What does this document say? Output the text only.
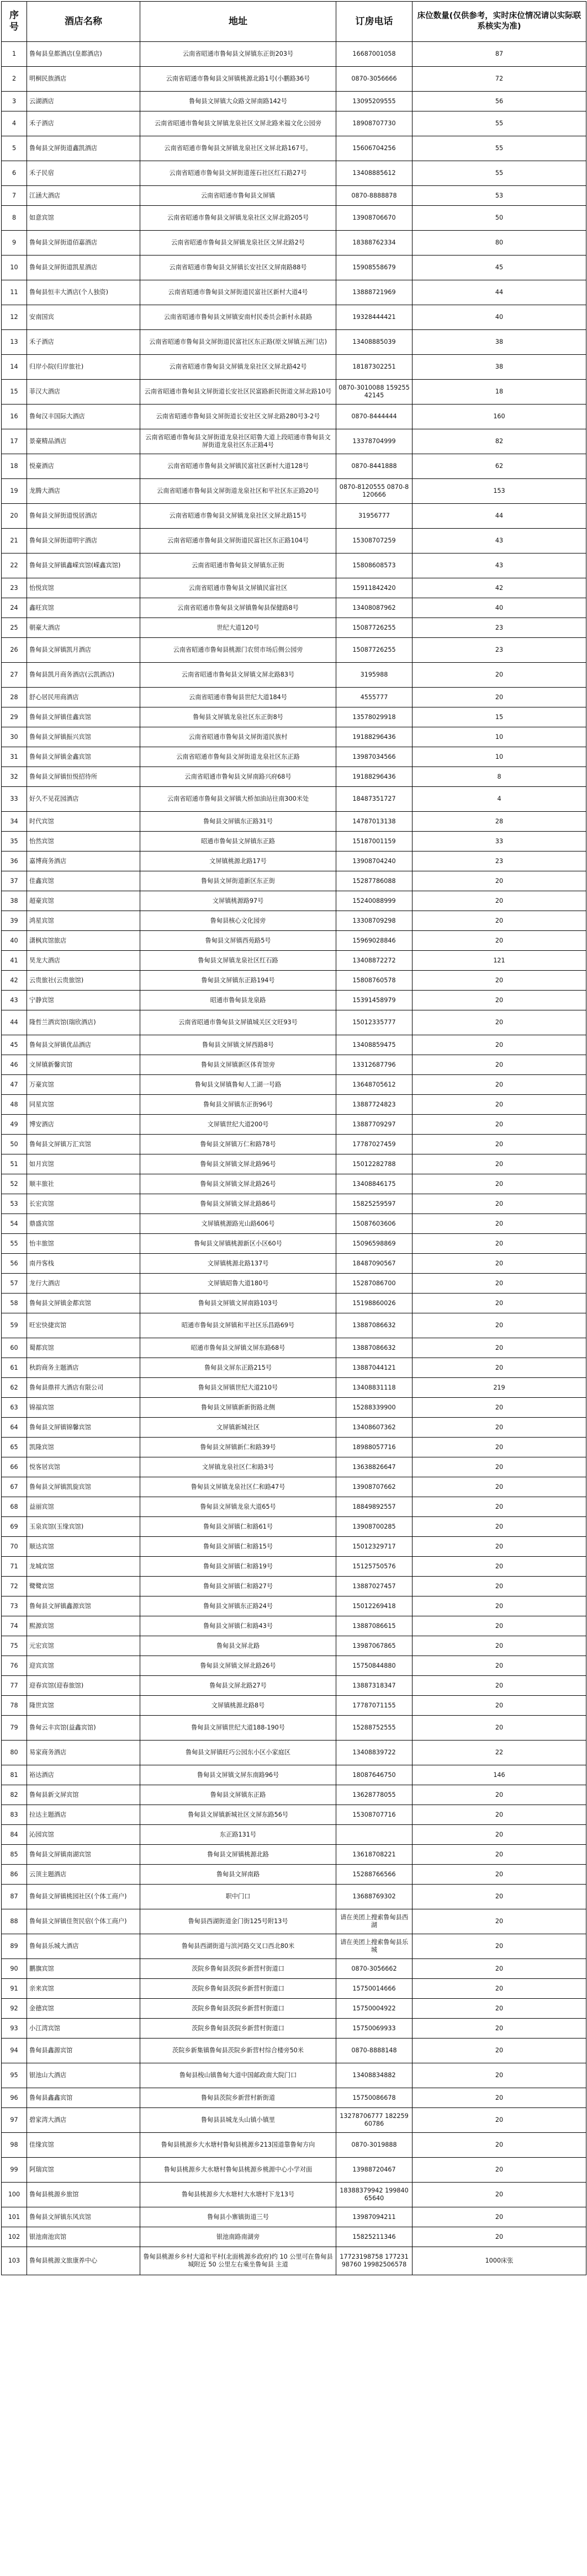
序号	酒店名称	地址	订房电话	床位数量(仅供参考，实时床位情况请以实际联系核实为准)
1	鲁甸县皇都酒店(皇都酒店)	云南省昭通市鲁甸县文屏镇东正街203号	16687001058	87
2	明桐民族酒店	云南省昭通市鲁甸县文屏镇桃源北路1号(小鹏路36号	0870-3056666	72
3	云湖酒店	鲁甸县文屏镇大众路文屏南路142号	13095209555	56
4	禾子酒店	云南省昭通市鲁甸县文屏镇龙泉社区文屏北路来福文化公园旁	18908707730	55
5	鲁甸县文屏街道鑫凯酒店	云南省昭通市鲁甸县文屏镇龙泉社区文屏北路167号。	15606704256	55
6	禾子民宿	云南省昭通市鲁甸县文屏街道莲石社区红石路27号	13408885612	55
7	江涵大酒店	云南省昭通市鲁甸县文屏镇	0870-8888878	53
8	如意宾馆	云南省昭通市鲁甸县文屏镇龙泉社区文屏北路205号	13908706670	50
9	鲁甸县文屏街道佰嘉酒店	云南省昭通市鲁甸县文屏镇龙泉社区文屏北路2号	18388762334	80
10	鲁甸县文屏街道凯星酒店	云南省昭通市鲁甸县文屏镇长安社区文屏南路88号	15908558679	45
11	鲁甸县恒丰大酒店(个人独资)	云南省昭通市鲁甸县文屏街道民富社区新村大道4号	13888721969	44
12	安南国宾	云南省昭通市鲁甸县文屏镇安南村民委员会新村永晨路	19328444421	40
13	禾子酒店	云南省昭通市鲁甸县文屏街道民富社区东正路(原文屏镇五洲门店)	13408885039	38
14	归岸小院(归岸旅社)	云南省昭通市鲁甸县文屏镇龙泉社区文屏北路42号	18187302251	38
15	菲汉大酒店	云南省昭通市鲁甸县文屏街道长安社区民富路新民街道文屏北路10号	0870-3010088 15925542145	18
16	鲁甸汉丰国际大酒店	云南省昭通市鲁甸县文屏街道长安社区文屏北路280号3-2号	0870-8444444	160
17	景豪精品酒店	云南省昭通市鲁甸县文屏街道龙泉社区昭鲁大道上段昭通市鲁甸县文屏街道龙泉社区东正路4号	13378704999	82
18	悦豪酒店	云南省昭通市鲁甸县文屏镇民富社区新村大道128号	0870-8441888	62
19	龙腾大酒店	云南省昭通市鲁甸县文屏街道龙泉社区和平社区东正路20号	0870-8120555 0870-8120666	153
20	鲁甸县文屏街道悦居酒店	云南省昭通市鲁甸县文屏镇龙泉社区文屏北路15号	31956777	44
21	鲁甸县文屏街道明宇酒店	云南省昭通市鲁甸县文屏街道民富社区东正路104号	15308707259	43
22	鲁甸县文屏镇鑫嵘宾馆(嵘鑫宾馆)	云南省昭通市鲁甸县文屏镇东正街	15808608573	43
23	怡悦宾馆	云南省昭通市鲁甸县文屏镇民富社区	15911842420	42
24	鑫旺宾馆	云南省昭通市鲁甸县文屏镇鲁甸县保健路8号	13408087962	40
25	朝豪大酒店	世纪大道120号	15087726255	23
26	鲁甸县文屏镇凯月酒店	云南省昭通市鲁甸县桃源门农贸市场后侧公园旁	15087726255	23
27	鲁甸县凯月商务酒店(云凯酒店)	云南省昭通市鲁甸县文屏镇文屏北路83号	3195988	20
28	舒心居民用商酒店	云南省昭通市鲁甸县世纪大道184号	4555777	20
29	鲁甸县文屏镇佳鑫宾馆	鲁甸县文屏镇龙泉社区东正街8号	13578029918	15
30	鲁甸县文屏镇振兴宾馆	云南省昭通市鲁甸县文屏街道民族村	19188296436	10
31	鲁甸县文屏镇金鑫宾馆	云南省昭通市鲁甸县文屏街道龙泉社区东正路	13987034566	10
32	鲁甸县文屏镇恒悦招待所	云南省昭通市鲁甸县文屏南路兴府68号	19188296436	8
33	好久不见花园酒店	云南省昭通市鲁甸县文屏镇大桥加油站往南300米处	18487351727	4
34	时代宾馆	鲁甸县文屏镇东正路31号	14787013138	28
35	怡然宾馆	昭通市鲁甸县文屏镇东正路	15187001159	33
36	嘉博商务酒店	文屏镇桃源北路17号	13908704240	23
37	佳鑫宾馆	鲁甸县文屏街道新区东正街	15287786088	20
38	超豪宾馆	文屏镇桃源路97号	15240088999	20
39	鸿星宾馆	鲁甸县核心文化园旁	13308709298	20
40	潇枫宾馆旅店	鲁甸县文屏镇西苑路5号	15969028846	20
41	昊龙大酒店	鲁甸县文屏镇龙泉社区红石路	13408872272	121
42	云贵旅社(云贵旅馆)	鲁甸县文屏镇东正路194号	15808760578	20
43	宁静宾馆	昭通市鲁甸县龙泉路	15391458979	20
44	隆哲兰洒宾馆(瑞欣酒店)	云南省昭通市鲁甸县文屏镇城关区文旺93号	15012335777	20
45	鲁甸县文屏镇优品酒店	鲁甸县文屏镇文屏西路8号	13408859475	20
46	文屏镇新馨宾馆	鲁甸县文屏镇新区体育馆旁	13312687796	20
47	万豪宾馆	鲁甸县文屏镇鲁甸人工湖一号路	13648705612	20
48	同星宾馆	鲁甸县文屏镇东正街96号	13887724823	20
49	博安酒店	文屏镇世纪大道200号	13887709297	20
50	鲁甸县文屏镇万汇宾馆	鲁甸县文屏镇万仁和路78号	17787027459	20
51	如月宾馆	鲁甸县文屏镇文屏北路96号	15012282788	20
52	顺丰旅社	鲁甸县文屏镇文屏北路26号	13408846175	20
53	长宏宾馆	鲁甸县文屏镇文屏北路86号	15825259597	20
54	鼎盛宾馆	文屏镇桃源路光山路606号	15087603606	20
55	怡丰旅馆	鲁甸县文屏镇桃源新区小区60号	15096598869	20
56	南丹客栈	文屏镇桃源北路137号	18487090567	20
57	龙行大酒店	文屏镇昭鲁大道180号	15287086700	20
58	鲁甸县文屏镇金都宾馆	鲁甸县文屏镇文屏南路103号	15198860026	20
59	旺宏快捷宾馆	昭通市鲁甸县文屏镇和平社区乐昌路69号	13887086632	20
60	蜀都宾馆	昭通市鲁甸县文屏镇文屏东路68号	13887086632	20
61	秋韵商务主题酒店	鲁甸县文屏东正路215号	13887044121	20
62	鲁甸县鼎祥大酒店有限公司	鲁甸县文屏镇世纪大道210号	13408831118	219
63	锦福宾馆	鲁甸县文屏镇新新街路北侧	15288339900	20
64	鲁甸县文屏镇锦馨宾馆	文屏镇新城社区	13408607362	20
65	凯隆宾馆	鲁甸县文屏镇新仁和路39号	18988057716	20
66	悦客居宾馆	文屏镇龙泉社区仁和路3号	13638826647	20
67	鲁甸县文屏镇凯旋宾馆	鲁甸县文屏镇龙泉社区仁和路47号	13908707662	20
68	益丽宾馆	鲁甸县文屏镇龙泉大道65号	18849892557	20
69	玉泉宾馆(玉缘宾馆)	鲁甸县文屏镇仁和路61号	13908700285	20
70	顺达宾馆	鲁甸县文屏镇仁和路15号	15012329717	20
71	龙城宾馆	鲁甸县文屏镇仁和路19号	15125750576	20
72	鹭鹭宾馆	鲁甸县文屏镇仁和路27号	13887027457	20
73	鲁甸县文屏镇鑫源宾馆	鲁甸县文屏镇东正路24号	15012269418	20
74	熙源宾馆	鲁甸县文屏镇仁和路43号	13887086615	20
75	元宏宾馆	鲁甸县文屏北路	13987067865	20
76	迎宾宾馆	鲁甸县文屏镇文屏北路26号	15750844880	20
77	迎春宾馆(迎春旅馆)	鲁甸县文屏北路27号	13887318347	20
78	隆世宾馆	文屏镇桃源北路8号	17787071155	20
79	鲁甸云丰宾馆(益鑫宾馆)	鲁甸县文屏镇世纪大道188-190号	15288752555	20
80	易家商务酒店	鲁甸县文屏镇旺巧公园东小区小家庭区	13408839722	22
81	裕达酒店	鲁甸县文屏镇文屏东南路96号	18087646750	146
82	鲁甸县新文屏宾馆	鲁甸县文屏镇东正路	13628778055	20
83	拉达主题酒店	鲁甸县文屏镇新城社区文屏东路56号	15308707716	20
84	沁园宾馆	东正路131号		20
85	鲁甸县文屏镇南湖宾馆	鲁甸县文屏镇桃源北路	13618708221	20
86	云顶主题酒店	鲁甸县文屏南路	15288766566	20
87	鲁甸县文屏镇桃园社区(个体工商户)	职中门口	13688769302	20
88	鲁甸县文屏镇佳贺民宿(个体工商户)	鲁甸县西湖街道金门街125号附13号	请在美团上搜索鲁甸县西湖	20
89	鲁甸县乐城大酒店	鲁甸县西湖街道与滨河路交叉口西北80米	请在美团上搜索鲁甸县乐城	20
90	鹏旗宾馆	茨院乡鲁甸县茨院乡新营村街道口	0870-3056662	20
91	亲来宾馆	茨院乡鲁甸县茨院乡新营村街道口	15750014666	20
92	金德宾馆	茨院乡鲁甸县茨院乡新营村街道口	15750004922	20
93	小江湾宾馆	茨院乡鲁甸县茨院乡新营村街道口	15750069933	20
94	鲁甸县鑫源宾馆	茨院乡新集镇鲁甸县茨院乡新营村综合楼旁50米	0870-8888148	20
95	银池山大酒店	鲁甸县梭山镇鲁甸大道中国邮政南大院门口	13408834882	20
96	鲁甸县鑫鑫宾馆	鲁甸县茨院乡新营村新街道	15750086678	20
97	碧家湾大酒店	鲁甸县县城龙头山镇小镇里	13278706777 18225960786	20
98	佳缘宾馆	鲁甸县桃源乡大水塘村鲁甸县桃源乡213国道靠鲁甸方向	0870-3019888	20
99	阿瑞宾馆	鲁甸县桃源乡大水塘村鲁甸县桃源乡桃源中心小学对面	13988720467	20
100	鲁甸县桃源乡旅馆	鲁甸县桃源乡大水塘村大水塘村下龙13号	18388379942 19984065640	20
101	鲁甸县文屏镇东风宾馆	鲁甸县小寨镇街道三号	13987094211	20
102	银池南池宾馆	银池南路南湖旁	15825211346	20
103	鲁甸县桃源文旅康养中心	鲁甸县桃源乡乡村大道和平村(北面桃源乡政府)约 10 公里可在鲁甸县城附近 50 公里左右乘坐鲁甸县 主道	17723198758 17723198760 19982506578	1000床张
